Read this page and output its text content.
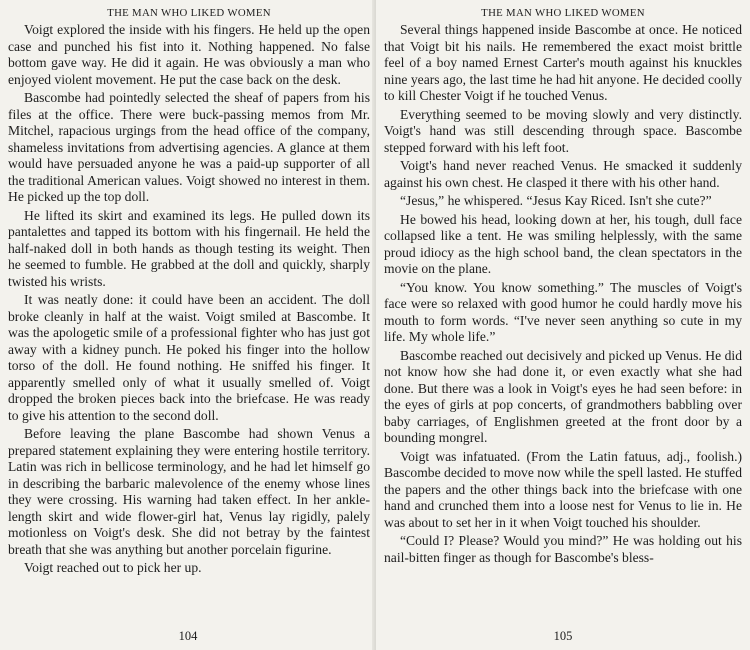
THE MAN WHO LIKED WOMEN

Voigt explored the inside with his fingers. He held up the open case and punched his fist into it. Nothing happened. No false bottom gave way. He did it again. He was obviously a man who enjoyed violent movement. He put the case back on the desk.

Bascombe had pointedly selected the sheaf of papers from his files at the office. There were buck-passing memos from Mr. Mitchel, rapacious urgings from the head office of the company, shameless invitations from advertising agencies. A glance at them would have persuaded anyone he was a paid-up supporter of all the traditional American values. Voigt showed no interest in them. He picked up the top doll.

He lifted its skirt and examined its legs. He pulled down its pantalettes and tapped its bottom with his fingernail. He held the half-naked doll in both hands as though testing its weight. Then he seemed to fumble. He grabbed at the doll and quickly, sharply twisted his wrists.

It was neatly done: it could have been an accident. The doll broke cleanly in half at the waist. Voigt smiled at Bascombe. It was the apologetic smile of a professional fighter who has just got away with a kidney punch. He poked his finger into the hollow torso of the doll. He found nothing. He sniffed his finger. It apparently smelled only of what it usually smelled of. Voigt dropped the broken pieces back into the briefcase. He was ready to give his attention to the second doll.

Before leaving the plane Bascombe had shown Venus a prepared statement explaining they were entering hostile territory. Latin was rich in bellicose terminology, and he had let himself go in describing the barbaric malevolence of the enemy whose lines they were crossing. His warning had taken effect. In her ankle-length skirt and wide flower-girl hat, Venus lay rigidly, palely motionless on Voigt's desk. She did not betray by the faintest breath that she was anything but another porcelain figurine.

Voigt reached out to pick her up.

104
THE MAN WHO LIKED WOMEN

Several things happened inside Bascombe at once. He noticed that Voigt bit his nails. He remembered the exact moist brittle feel of a boy named Ernest Carter's mouth against his knuckles nine years ago, the last time he had hit anyone. He decided coolly to kill Chester Voigt if he touched Venus.

Everything seemed to be moving slowly and very distinctly. Voigt's hand was still descending through space. Bascombe stepped forward with his left foot.

Voigt's hand never reached Venus. He smacked it suddenly against his own chest. He clasped it there with his other hand.

“Jesus,” he whispered. “Jesus Kay Riced. Isn't she cute?”

He bowed his head, looking down at her, his tough, dull face collapsed like a tent. He was smiling helplessly, with the same proud idiocy as the high school band, the clean spectators in the movie on the plane.

“You know. You know something.” The muscles of Voigt's face were so relaxed with good humor he could hardly move his mouth to form words. “I've never seen anything so cute in my life. My whole life.”

Bascombe reached out decisively and picked up Venus. He did not know how she had done it, or even exactly what she had done. But there was a look in Voigt's eyes he had seen before: in the eyes of girls at pop concerts, of grandmothers babbling over baby carriages, of Englishmen greeted at the front door by a bounding mongrel.

Voigt was infatuated. (From the Latin fatuus, adj., foolish.) Bascombe decided to move now while the spell lasted. He stuffed the papers and the other things back into the briefcase with one hand and crunched them into a loose nest for Venus to lie in. He was about to set her in it when Voigt touched his shoulder.

“Could I? Please? Would you mind?” He was holding out his nail-bitten finger as though for Bascombe's bless-

105
